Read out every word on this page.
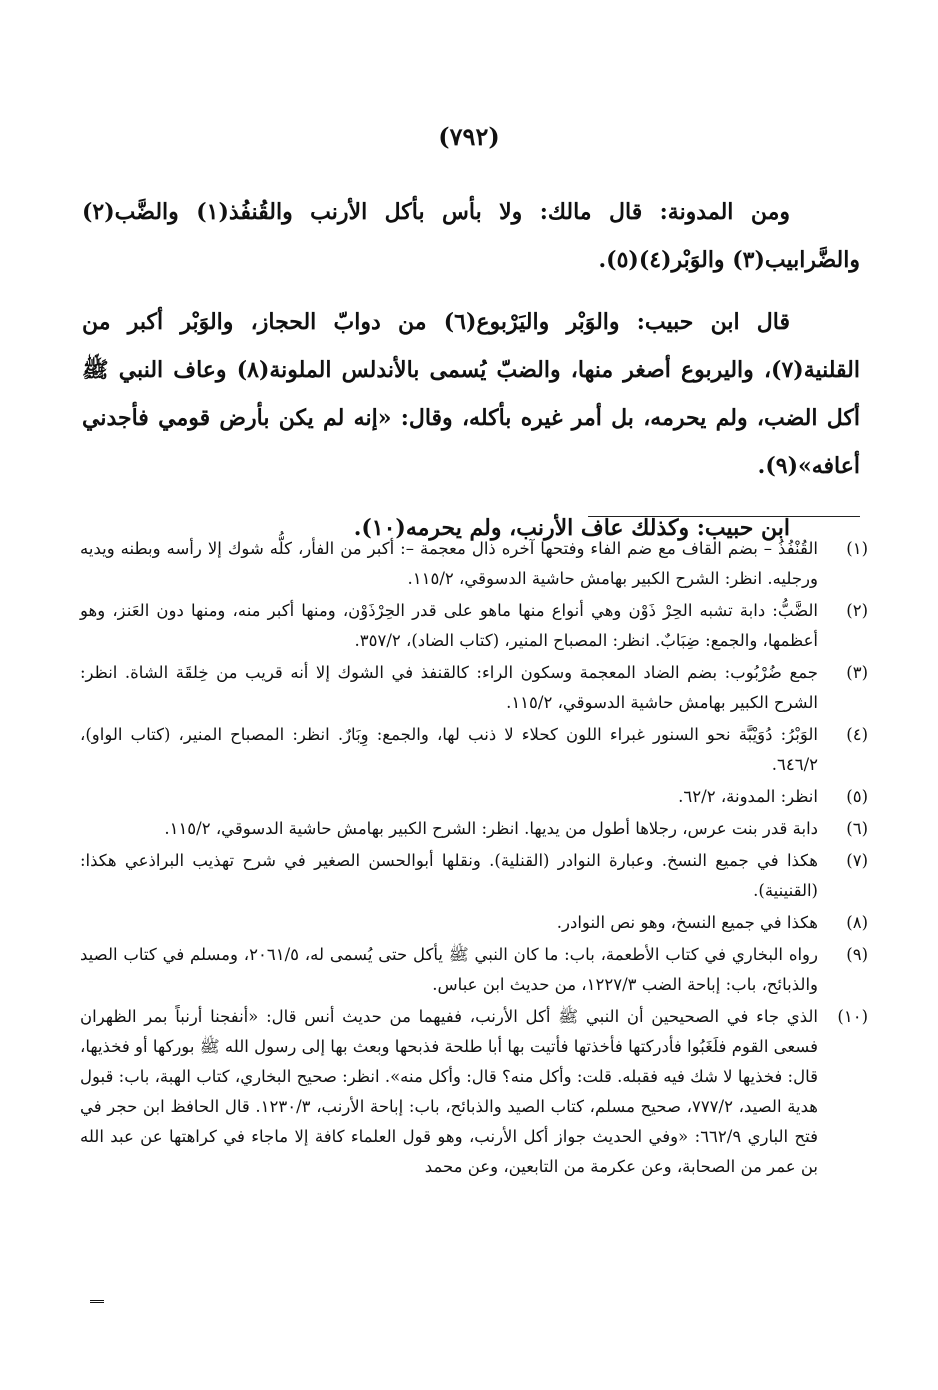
(٧٩٢)

ومن المدونة: قال مالك: ولا بأس بأكل الأرنب والقُنفُذ(١) والضَّب(٢) والضَّرابيب(٣) والوَبْر(٤)(٥).

قال ابن حبيب: والوَبْر واليَرْبوع(٦) من دوابّ الحجاز، والوَبْر أكبر من القلنية(٧)، واليربوع أصغر منها، والضبّ يُسمى بالأندلس الملونة(٨) وعاف النبي ﷺ أكل الضب، ولم يحرمه، بل أمر غيره بأكله، وقال: «إنه لم يكن بأرض قومي فأجدني أعافه»(٩).

ابن حبيب: وكذلك عاف الأرنب، ولم يحرمه(١٠).

(١)
القُنْفُذُ – بضم القاف مع ضم الفاء وفتحها آخره ذال معجمة –: أكبر من الفأر، كلُّه شوك إلا رأسه وبطنه ويديه ورجليه. انظر: الشرح الكبير بهامش حاشية الدسوقي، ١١٥/٢.
(٢)
الضَّبُّ: دابة تشبه الحِرْ ذَوْن وهي أنواع منها ماهو على قدر الحِرْذَوْن، ومنها أكبر منه، ومنها دون العَنز، وهو أعظمها، والجمع: ضِبَابٌ. انظر: المصباح المنير، (كتاب الضاد)، ٣٥٧/٢.
(٣)
جمع ضُرْبُوب: بضم الضاد المعجمة وسكون الراء: كالقنفذ في الشوك إلا أنه قريب من خِلقَة الشاة. انظر: الشرح الكبير بهامش حاشية الدسوقي، ١١٥/٢.
(٤)
الوَبْرُ: دُوَيْبَّة نحو السنور غبراء اللون كحلاء لا ذنب لها، والجمع: وِبَارٌ. انظر: المصباح المنير، (كتاب الواو)، ٦٤٦/٢.
(٥)
انظر: المدونة، ٦٢/٢.
(٦)
دابة قدر بنت عرس، رجلاها أطول من يديها. انظر: الشرح الكبير بهامش حاشية الدسوقي، ١١٥/٢.
(٧)
هكذا في جميع النسخ. وعبارة النوادر (القنلية). ونقلها أبوالحسن الصغير في شرح تهذيب البراذعي هكذا: (القنينية).
(٨)
هكذا في جميع النسخ، وهو نص النوادر.
(٩)
رواه البخاري في كتاب الأطعمة، باب: ما كان النبي ﷺ يأكل حتى يُسمى له، ٢٠٦١/٥، ومسلم في كتاب الصيد والذبائح، باب: إباحة الضب ١٢٢٧/٣، من حديث ابن عباس.
(١٠)
الذي جاء في الصحيحين أن النبي ﷺ أكل الأرنب، ففيهما من حديث أنس قال: «أنفجنا أرنباً بمر الظهران فسعى القوم فلَغَبُوا فأدركتها فأخذتها فأتيت بها أبا طلحة فذبحها وبعث بها إلى رسول الله ﷺ بوركها أو فخذيها، قال: فخذيها لا شك فيه فقبله. قلت: وأكل منه؟ قال: وأكل منه». انظر: صحيح البخاري، كتاب الهبة، باب: قبول هدية الصيد، ٧٧٧/٢، صحيح مسلم، كتاب الصيد والذبائح، باب: إباحة الأرنب، ١٢٣٠/٣. قال الحافظ ابن حجر في فتح الباري ٦٦٢/٩: «وفي الحديث جواز أكل الأرنب، وهو قول العلماء كافة إلا ماجاء في كراهتها عن عبد الله بن عمر من الصحابة، وعن عكرمة من التابعين، وعن محمد
